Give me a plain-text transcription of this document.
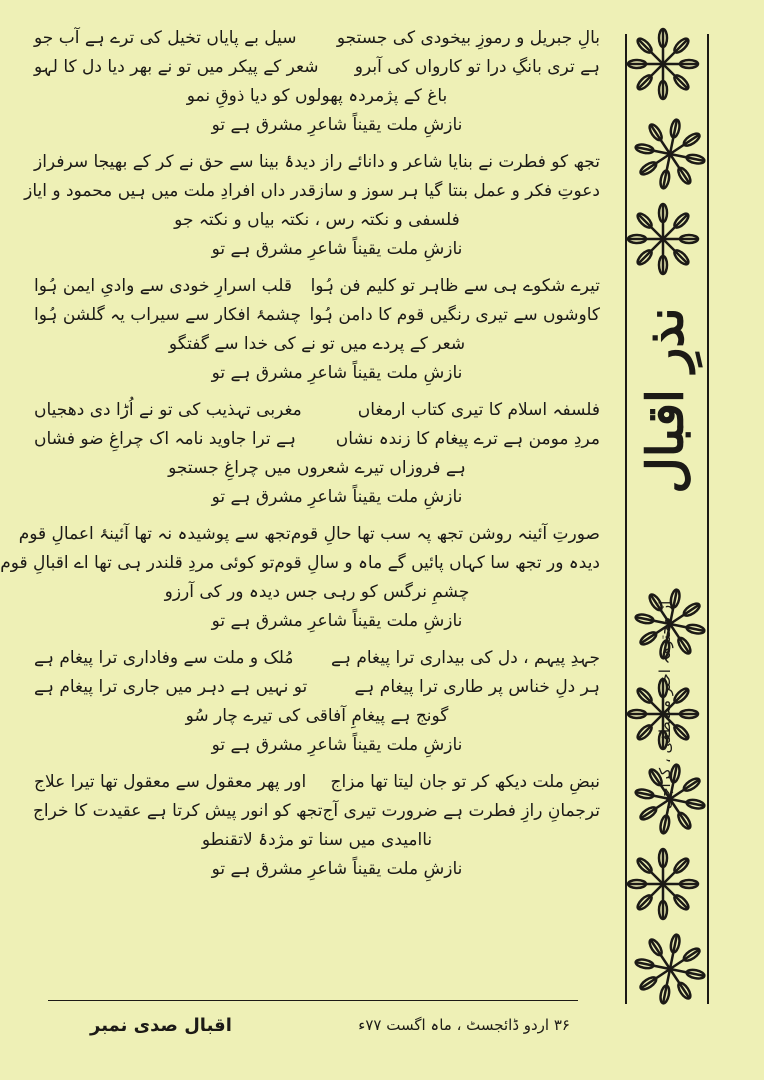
نذرِ اقبال
از محترمہ اختر مصطفیٰ ، کراچی
بالِ جبریل و رموزِ بیخودی کی جستجو
سیل بے پایاں تخیل کی ترے ہے آب جو
ہے تری بانگِ درا تو کارواں کی آبرو
شعر کے پیکر میں تو نے بھر دیا دل کا لہو
باغ کے پژمردہ پھولوں کو دیا ذوقِ نمو
نازشِ ملت یقیناً شاعرِ مشرق ہے تو
تجھ کو فطرت نے بنایا شاعر و دانائے راز
دیدۂ بینا سے حق نے کر کے بھیجا سرفراز
دعوتِ فکر و عمل بنتا گیا ہر سوز و ساز
قدر داں افرادِ ملت میں ہیں محمود و ایاز
فلسفی و نکتہ رس ، نکتہ بیاں و نکتہ جو
نازشِ ملت یقیناً شاعرِ مشرق ہے تو
تیرے شکوے ہی سے ظاہر تو کلیم فن ہُوا
قلب اسرارِ خودی سے وادیِ ایمن ہُوا
کاوشوں سے تیری رنگیں قوم کا دامن ہُوا
چشمۂ افکار سے سیراب یہ گلشن ہُوا
شعر کے پردے میں تو نے کی خدا سے گفتگو
نازشِ ملت یقیناً شاعرِ مشرق ہے تو
فلسفہ اسلام کا تیری کتاب ارمغاں
مغربی تہذیب کی تو نے اُڑا دی دھجیاں
مردِ مومن ہے ترے پیغام کا زندہ نشاں
ہے ترا جاوید نامہ اک چراغِ ضو فشاں
ہے فروزاں تیرے شعروں میں چراغِ جستجو
نازشِ ملت یقیناً شاعرِ مشرق ہے تو
صورتِ آئینہ روشن تجھ پہ سب تھا حالِ قوم
تجھ سے پوشیدہ نہ تھا آئینۂ اعمالِ قوم
دیدہ ور تجھ سا کہاں پائیں گے ماہ و سالِ قوم
تو کوئی مردِ قلندر ہی تھا اے اقبالِ قوم
چشمِ نرگس کو رہی جس دیدہ ور کی آرزو
نازشِ ملت یقیناً شاعرِ مشرق ہے تو
جہدِ پیہم ، دل کی بیداری ترا پیغام ہے
مُلک و ملت سے وفاداری ترا پیغام ہے
ہر دلِ خناس پر طاری ترا پیغام ہے
تو نہیں ہے دہر میں جاری ترا پیغام ہے
گونج ہے پیغامِ آفاقی کی تیرے چار سُو
نازشِ ملت یقیناً شاعرِ مشرق ہے تو
نبضِ ملت دیکھ کر تو جان لیتا تھا مزاج
اور پھر معقول سے معقول تھا تیرا علاج
ترجمانِ رازِ فطرت ہے ضرورت تیری آج
تجھ کو انور پیش کرتا ہے عقیدت کا خراج
ناامیدی میں سنا تو مژدۂ لاتقنطو
نازشِ ملت یقیناً شاعرِ مشرق ہے تو
۳۶ اردو ڈائجسٹ ، ماہ اگست ۷۷ء
اقبال صدی نمبر
